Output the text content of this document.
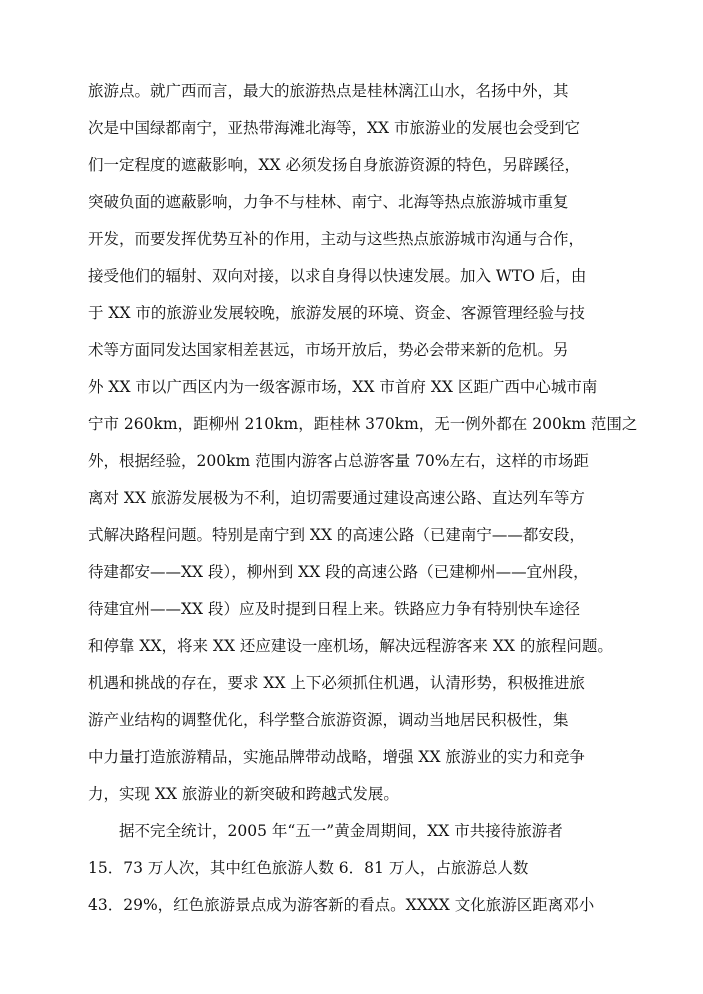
旅游点。就广西而言，最大的旅游热点是桂林漓江山水，名扬中外，其
次是中国绿都南宁，亚热带海滩北海等，XX 市旅游业的发展也会受到它
们一定程度的遮蔽影响，XX 必须发扬自身旅游资源的特色，另辟蹊径，
突破负面的遮蔽影响，力争不与桂林、南宁、北海等热点旅游城市重复
开发，而要发挥优势互补的作用，主动与这些热点旅游城市沟通与合作，
接受他们的辐射、双向对接，以求自身得以快速发展。加入 WTO 后，由
于 XX 市的旅游业发展较晚，旅游发展的环境、资金、客源管理经验与技
术等方面同发达国家相差甚远，市场开放后，势必会带来新的危机。另
外 XX 市以广西区内为一级客源市场，XX 市首府 XX 区距广西中心城市南
宁市 260km，距柳州 210km，距桂林 370km，无一例外都在 200km 范围之
外，根据经验，200km 范围内游客占总游客量 70%左右，这样的市场距
离对 XX 旅游发展极为不利，迫切需要通过建设高速公路、直达列车等方
式解决路程问题。特别是南宁到 XX 的高速公路（已建南宁——都安段，
待建都安——XX 段），柳州到 XX 段的高速公路（已建柳州——宜州段，
待建宜州——XX 段）应及时提到日程上来。铁路应力争有特别快车途径
和停靠 XX，将来 XX 还应建设一座机场，解决远程游客来 XX 的旅程问题。
机遇和挑战的存在，要求 XX 上下必须抓住机遇，认清形势，积极推进旅
游产业结构的调整优化，科学整合旅游资源，调动当地居民积极性，集
中力量打造旅游精品，实施品牌带动战略，增强 XX 旅游业的实力和竞争
力，实现 XX 旅游业的新突破和跨越式发展。
据不完全统计，2005 年“五一”黄金周期间，XX 市共接待旅游者
15．73 万人次，其中红色旅游人数 6．81 万人，占旅游总人数
43．29%，红色旅游景点成为游客新的看点。XXXX 文化旅游区距离邓小
